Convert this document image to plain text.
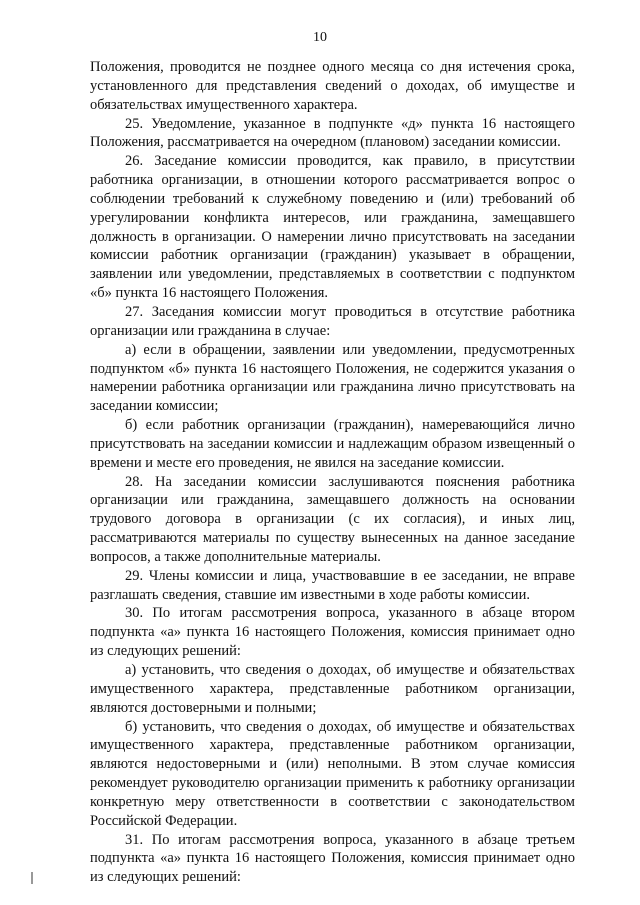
10

Положения, проводится не позднее одного месяца со дня истечения срока, установленного для представления сведений о доходах, об имуществе и обязательствах имущественного характера.

25. Уведомление, указанное в подпункте «д» пункта 16 настоящего Положения, рассматривается на очередном (плановом) заседании комиссии.

26. Заседание комиссии проводится, как правило, в присутствии работника организации, в отношении которого рассматривается вопрос о соблюдении требований к служебному поведению и (или) требований об урегулировании конфликта интересов, или гражданина, замещавшего должность в организации. О намерении лично присутствовать на заседании комиссии работник организации (гражданин) указывает в обращении, заявлении или уведомлении, представляемых в соответствии с подпунктом «б» пункта 16 настоящего Положения.

27. Заседания комиссии могут проводиться в отсутствие работника организации или гражданина в случае:

а) если в обращении, заявлении или уведомлении, предусмотренных подпунктом «б» пункта 16 настоящего Положения, не содержится указания о намерении работника организации или гражданина лично присутствовать на заседании комиссии;

б) если работник организации (гражданин), намеревающийся лично присутствовать на заседании комиссии и надлежащим образом извещенный о времени и месте его проведения, не явился на заседание комиссии.

28. На заседании комиссии заслушиваются пояснения работника организации или гражданина, замещавшего должность на основании трудового договора в организации (с их согласия), и иных лиц, рассматриваются материалы по существу вынесенных на данное заседание вопросов, а также дополнительные материалы.

29. Члены комиссии и лица, участвовавшие в ее заседании, не вправе разглашать сведения, ставшие им известными в ходе работы комиссии.

30. По итогам рассмотрения вопроса, указанного в абзаце втором подпункта «а» пункта 16 настоящего Положения, комиссия принимает одно из следующих решений:

а) установить, что сведения о доходах, об имуществе и обязательствах имущественного характера, представленные работником организации, являются достоверными и полными;

б) установить, что сведения о доходах, об имуществе и обязательствах имущественного характера, представленные работником организации, являются недостоверными и (или) неполными. В этом случае комиссия рекомендует руководителю организации применить к работнику организации конкретную меру ответственности в соответствии с законодательством Российской Федерации.

31. По итогам рассмотрения вопроса, указанного в абзаце третьем подпункта «а» пункта 16 настоящего Положения, комиссия принимает одно из следующих решений:
